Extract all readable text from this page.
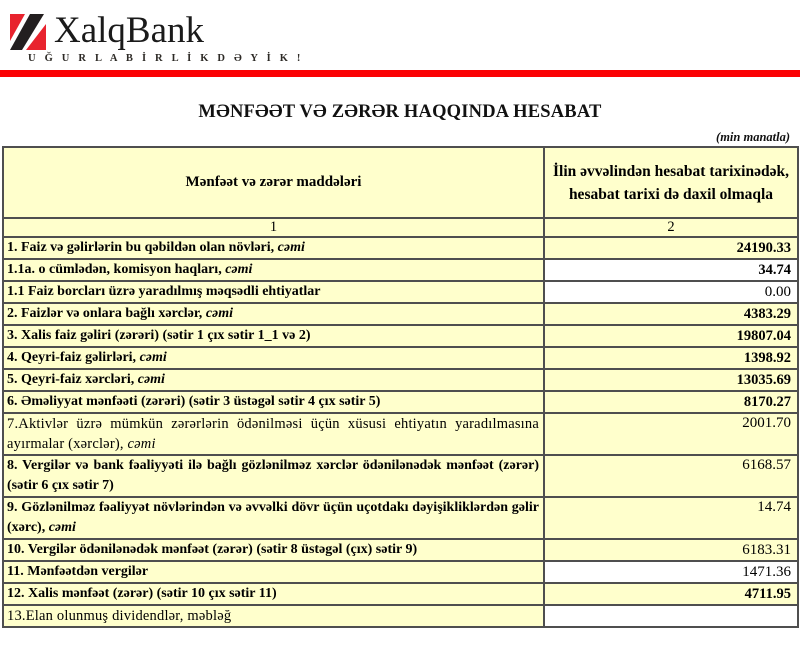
XalqBank
U Ğ U R L A B İ R L İ K D Ə Y İ K !
MƏNFƏƏT VƏ ZƏRƏR HAQQINDA HESABAT
(min manatla)
Mənfəət və zərər maddələri	İlin əvvəlindən hesabat tarixinədək, hesabat tarixi də daxil olmaqla
1	2

1. Faiz və gəlirlərin bu qəbildən olan növləri, cəmi	24190.33

1.1a. o cümlədən, komisyon haqları, cəmi	34.74

1.1 Faiz borcları üzrə yaradılmış məqsədli ehtiyatlar	0.00

2. Faizlər və onlara bağlı xərclər, cəmi	4383.29

3. Xalis faiz gəliri (zərəri) (sətir 1 çıx sətir 1_1 və 2)	19807.04

4. Qeyri-faiz gəlirləri, cəmi	1398.92

5. Qeyri-faiz xərcləri, cəmi	13035.69

6. Əməliyyat mənfəəti (zərəri) (sətir 3 üstəgəl sətir 4 çıx sətir 5)	8170.27

7.Aktivlər üzrə mümkün zərərlərin ödənilməsi üçün xüsusi ehtiyatın yaradılmasına ayırmalar (xərclər), cəmi	2001.70

8. Vergilər və bank fəaliyyəti ilə bağlı gözlənilməz xərclər ödənilənədək mənfəət (zərər) (sətir 6 çıx sətir 7)	6168.57

9. Gözlənilməz fəaliyyət növlərindən və əvvəlki dövr üçün uçotdakı dəyişikliklərdən gəlir (xərc), cəmi	14.74

10. Vergilər ödənilənədək mənfəət (zərər) (sətir 8 üstəgəl (çıx) sətir 9)	6183.31

11. Mənfəətdən vergilər	1471.36

12. Xalis mənfəət (zərər) (sətir 10 çıx sətir 11)	4711.95

13.Elan olunmuş dividendlər, məbləğ	
